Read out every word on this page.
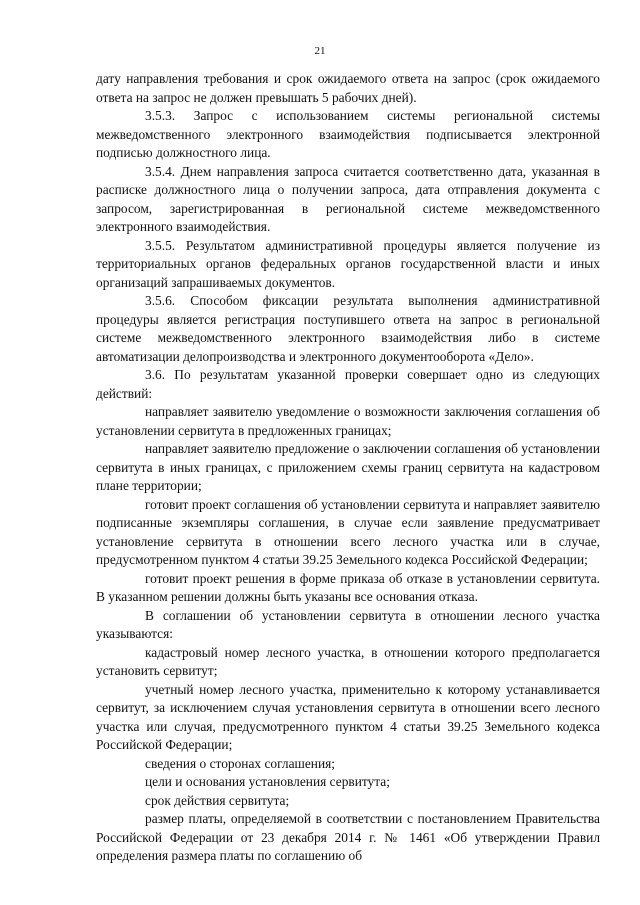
21

дату направления требования и срок ожидаемого ответа на запрос (срок ожидаемого ответа на запрос не должен превышать 5 рабочих дней).

3.5.3. Запрос с использованием системы региональной системы межведомственного электронного взаимодействия подписывается электронной подписью должностного лица.

3.5.4. Днем направления запроса считается соответственно дата, указанная в расписке должностного лица о получении запроса, дата отправления документа с запросом, зарегистрированная в региональной системе межведомственного электронного взаимодействия.

3.5.5. Результатом административной процедуры является получение из территориальных органов федеральных органов государственной власти и иных организаций запрашиваемых документов.

3.5.6. Способом фиксации результата выполнения административной процедуры является регистрация поступившего ответа на запрос в региональной системе межведомственного электронного взаимодействия либо в системе автоматизации делопроизводства и электронного документооборота «Дело».

3.6. По результатам указанной проверки совершает одно из следующих действий:

направляет заявителю уведомление о возможности заключения соглашения об установлении сервитута в предложенных границах;

направляет заявителю предложение о заключении соглашения об установлении сервитута в иных границах, с приложением схемы границ сервитута на кадастровом плане территории;

готовит проект соглашения об установлении сервитута и направляет заявителю подписанные экземпляры соглашения, в случае если заявление предусматривает установление сервитута в отношении всего лесного участка или в случае, предусмотренном пунктом 4 статьи 39.25 Земельного кодекса Российской Федерации;

готовит проект решения в форме приказа об отказе в установлении сервитута. В указанном решении должны быть указаны все основания отказа.

В соглашении об установлении сервитута в отношении лесного участка указываются:

кадастровый номер лесного участка, в отношении которого предполагается установить сервитут;

учетный номер лесного участка, применительно к которому устанавливается сервитут, за исключением случая установления сервитута в отношении всего лесного участка или случая, предусмотренного пунктом 4 статьи 39.25 Земельного кодекса Российской Федерации;

сведения о сторонах соглашения;

цели и основания установления сервитута;

срок действия сервитута;

размер платы, определяемой в соответствии с постановлением Правительства Российской Федерации от 23 декабря 2014 г. № 1461 «Об утверждении Правил определения размера платы по соглашению об
